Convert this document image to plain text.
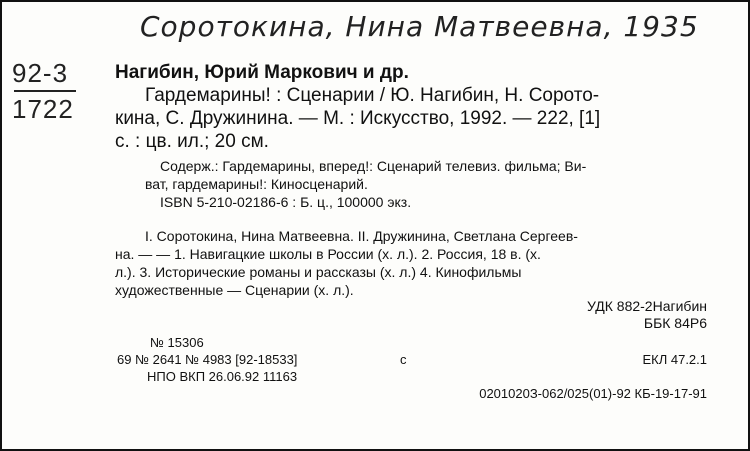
Соротокина, Нина Матвеевна, 1935
92-3
1722
Нагибин, Юрий Маркович и др.
Гардемарины! : Сценарии / Ю. Нагибин, Н. Сорото-
кина, С. Дружинина. — М. : Искусство, 1992. — 222, [1]
с. : цв. ил.; 20 см.
Содерж.: Гардемарины, вперед!: Сценарий телевиз. фильма; Ви-
ват, гардемарины!: Киносценарий.
ISBN 5-210-02186-6 : Б. ц., 100000 экз.
I. Соротокина, Нина Матвеевна. II. Дружинина, Светлана Сергеев-
на. — — 1. Навигацкие школы в России (х. л.). 2. Россия, 18 в. (х.
л.). 3. Исторические романы и рассказы (х. л.) 4. Кинофильмы
художественные — Сценарии (х. л.).
УДК 882-2Нагибин
ББК 84Р6
№ 15306
69 № 2641 № 4983 [92-18533]	с	ЕКЛ 47.2.1
НПО ВКП 26.06.92 11163
0201020З-062/025(01)-92 КБ-19-17-91
